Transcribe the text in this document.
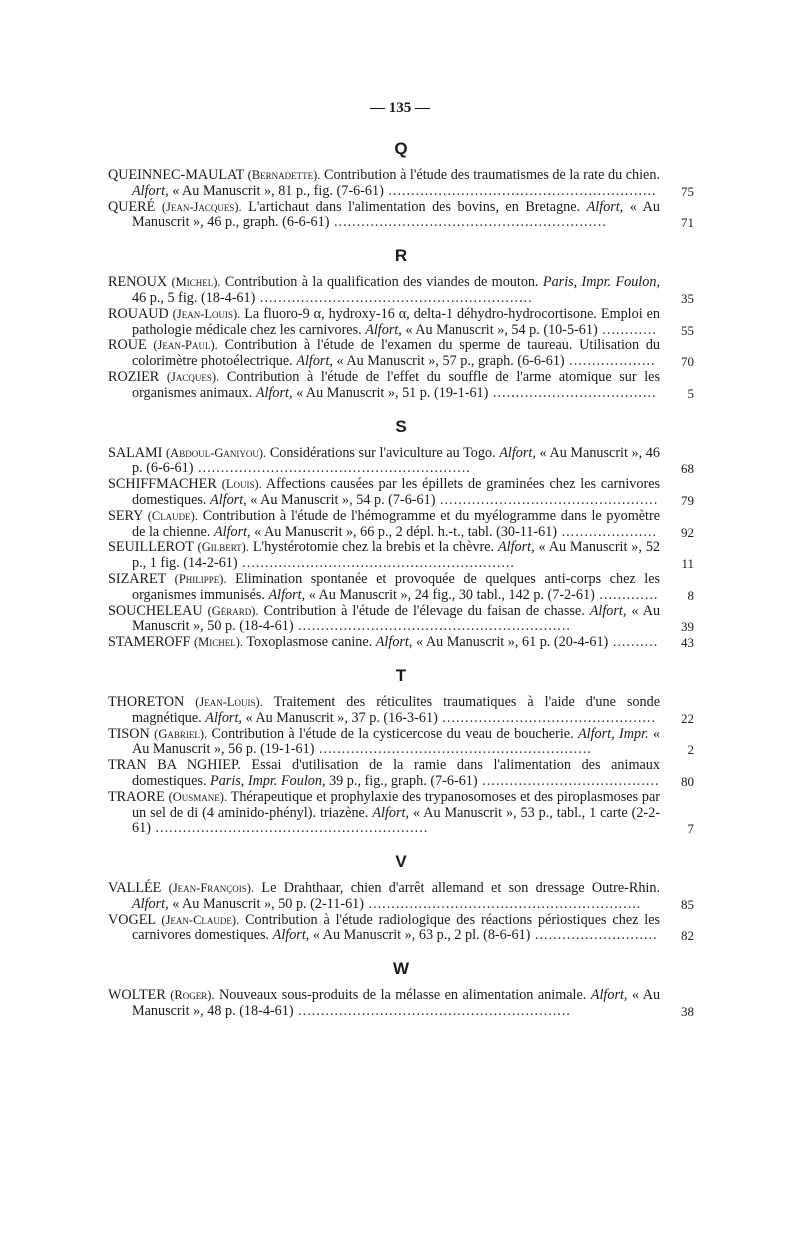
— 135 —
Q
QUEINNEC-MAULAT (Bernadette). Contribution à l'étude des traumatismes de la rate du chien. Alfort, « Au Manuscrit », 81 p., fig. (7-6-61) ...........................................................	75
QUERÉ (Jean-Jacques). L'artichaut dans l'alimentation des bovins, en Bretagne. Alfort, « Au Manuscrit », 46 p., graph. (6-6-61) ............................................................	71
R
RENOUX (Michel). Contribution à la qualification des viandes de mouton. Paris, Impr. Foulon, 46 p., 5 fig. (18-4-61) ............................................................	35
ROUAUD (Jean-Louis). La fluoro-9 α, hydroxy-16 α, delta-1 déhydro-hydrocortisone. Emploi en pathologie médicale chez les carnivores. Alfort, « Au Manuscrit », 54 p. (10-5-61) ............	55
ROUE (Jean-Paul). Contribution à l'étude de l'examen du sperme de taureau. Utilisation du colorimètre photoélectrique. Alfort, « Au Manuscrit », 57 p., graph. (6-6-61) ...................	70
ROZIER (Jacques). Contribution à l'étude de l'effet du souffle de l'arme atomique sur les organismes animaux. Alfort, « Au Manuscrit », 51 p. (19-1-61) ....................................	5
S
SALAMI (Abdoul-Ganiyou). Considérations sur l'aviculture au Togo. Alfort, « Au Manuscrit », 46 p. (6-6-61) ............................................................	68
SCHIFFMACHER (Louis). Affections causées par les épillets de graminées chez les carnivores domestiques. Alfort, « Au Manuscrit », 54 p. (7-6-61) ................................................	79
SERY (Claude). Contribution à l'étude de l'hémogramme et du myélogramme dans le pyomètre de la chienne. Alfort, « Au Manuscrit », 66 p., 2 dépl. h.-t., tabl. (30-11-61) .....................	92
SEUILLEROT (Gilbert). L'hystérotomie chez la brebis et la chèvre. Alfort, « Au Manuscrit », 52 p., 1 fig. (14-2-61) ............................................................	11
SIZARET (Philippe). Elimination spontanée et provoquée de quelques anti-corps chez les organismes immunisés. Alfort, « Au Manuscrit », 24 fig., 30 tabl., 142 p. (7-2-61) .............	8
SOUCHELEAU (Gérard). Contribution à l'étude de l'élevage du faisan de chasse. Alfort, « Au Manuscrit », 50 p. (18-4-61) ............................................................	39
STAMEROFF (Michel). Toxoplasmose canine. Alfort, « Au Manuscrit », 61 p. (20-4-61) ..........	43
T
THORETON (Jean-Louis). Traitement des réticulites traumatiques à l'aide d'une sonde magnétique. Alfort, « Au Manuscrit », 37 p. (16-3-61) ...............................................	22
TISON (Gabriel). Contribution à l'étude de la cysticercose du veau de boucherie. Alfort, Impr. « Au Manuscrit », 56 p. (19-1-61) ............................................................	2
TRAN BA NGHIEP. Essai d'utilisation de la ramie dans l'alimentation des animaux domestiques. Paris, Impr. Foulon, 39 p., fig., graph. (7-6-61) .......................................	80
TRAORE (Ousmane). Thérapeutique et prophylaxie des trypanosomoses et des piroplasmoses par un sel de di (4 aminido-phényl). triazène. Alfort, « Au Manuscrit », 53 p., tabl., 1 carte (2-2-61) ............................................................	7
V
VALLÉE (Jean-François). Le Drahthaar, chien d'arrêt allemand et son dressage Outre-Rhin. Alfort, « Au Manuscrit », 50 p. (2-11-61) ............................................................	85
VOGEL (Jean-Claude). Contribution à l'étude radiologique des réactions périostiques chez les carnivores domestiques. Alfort, « Au Manuscrit », 63 p., 2 pl. (8-6-61) ...........................	82
W
WOLTER (Roger). Nouveaux sous-produits de la mélasse en alimentation animale. Alfort, « Au Manuscrit », 48 p. (18-4-61) ............................................................	38
